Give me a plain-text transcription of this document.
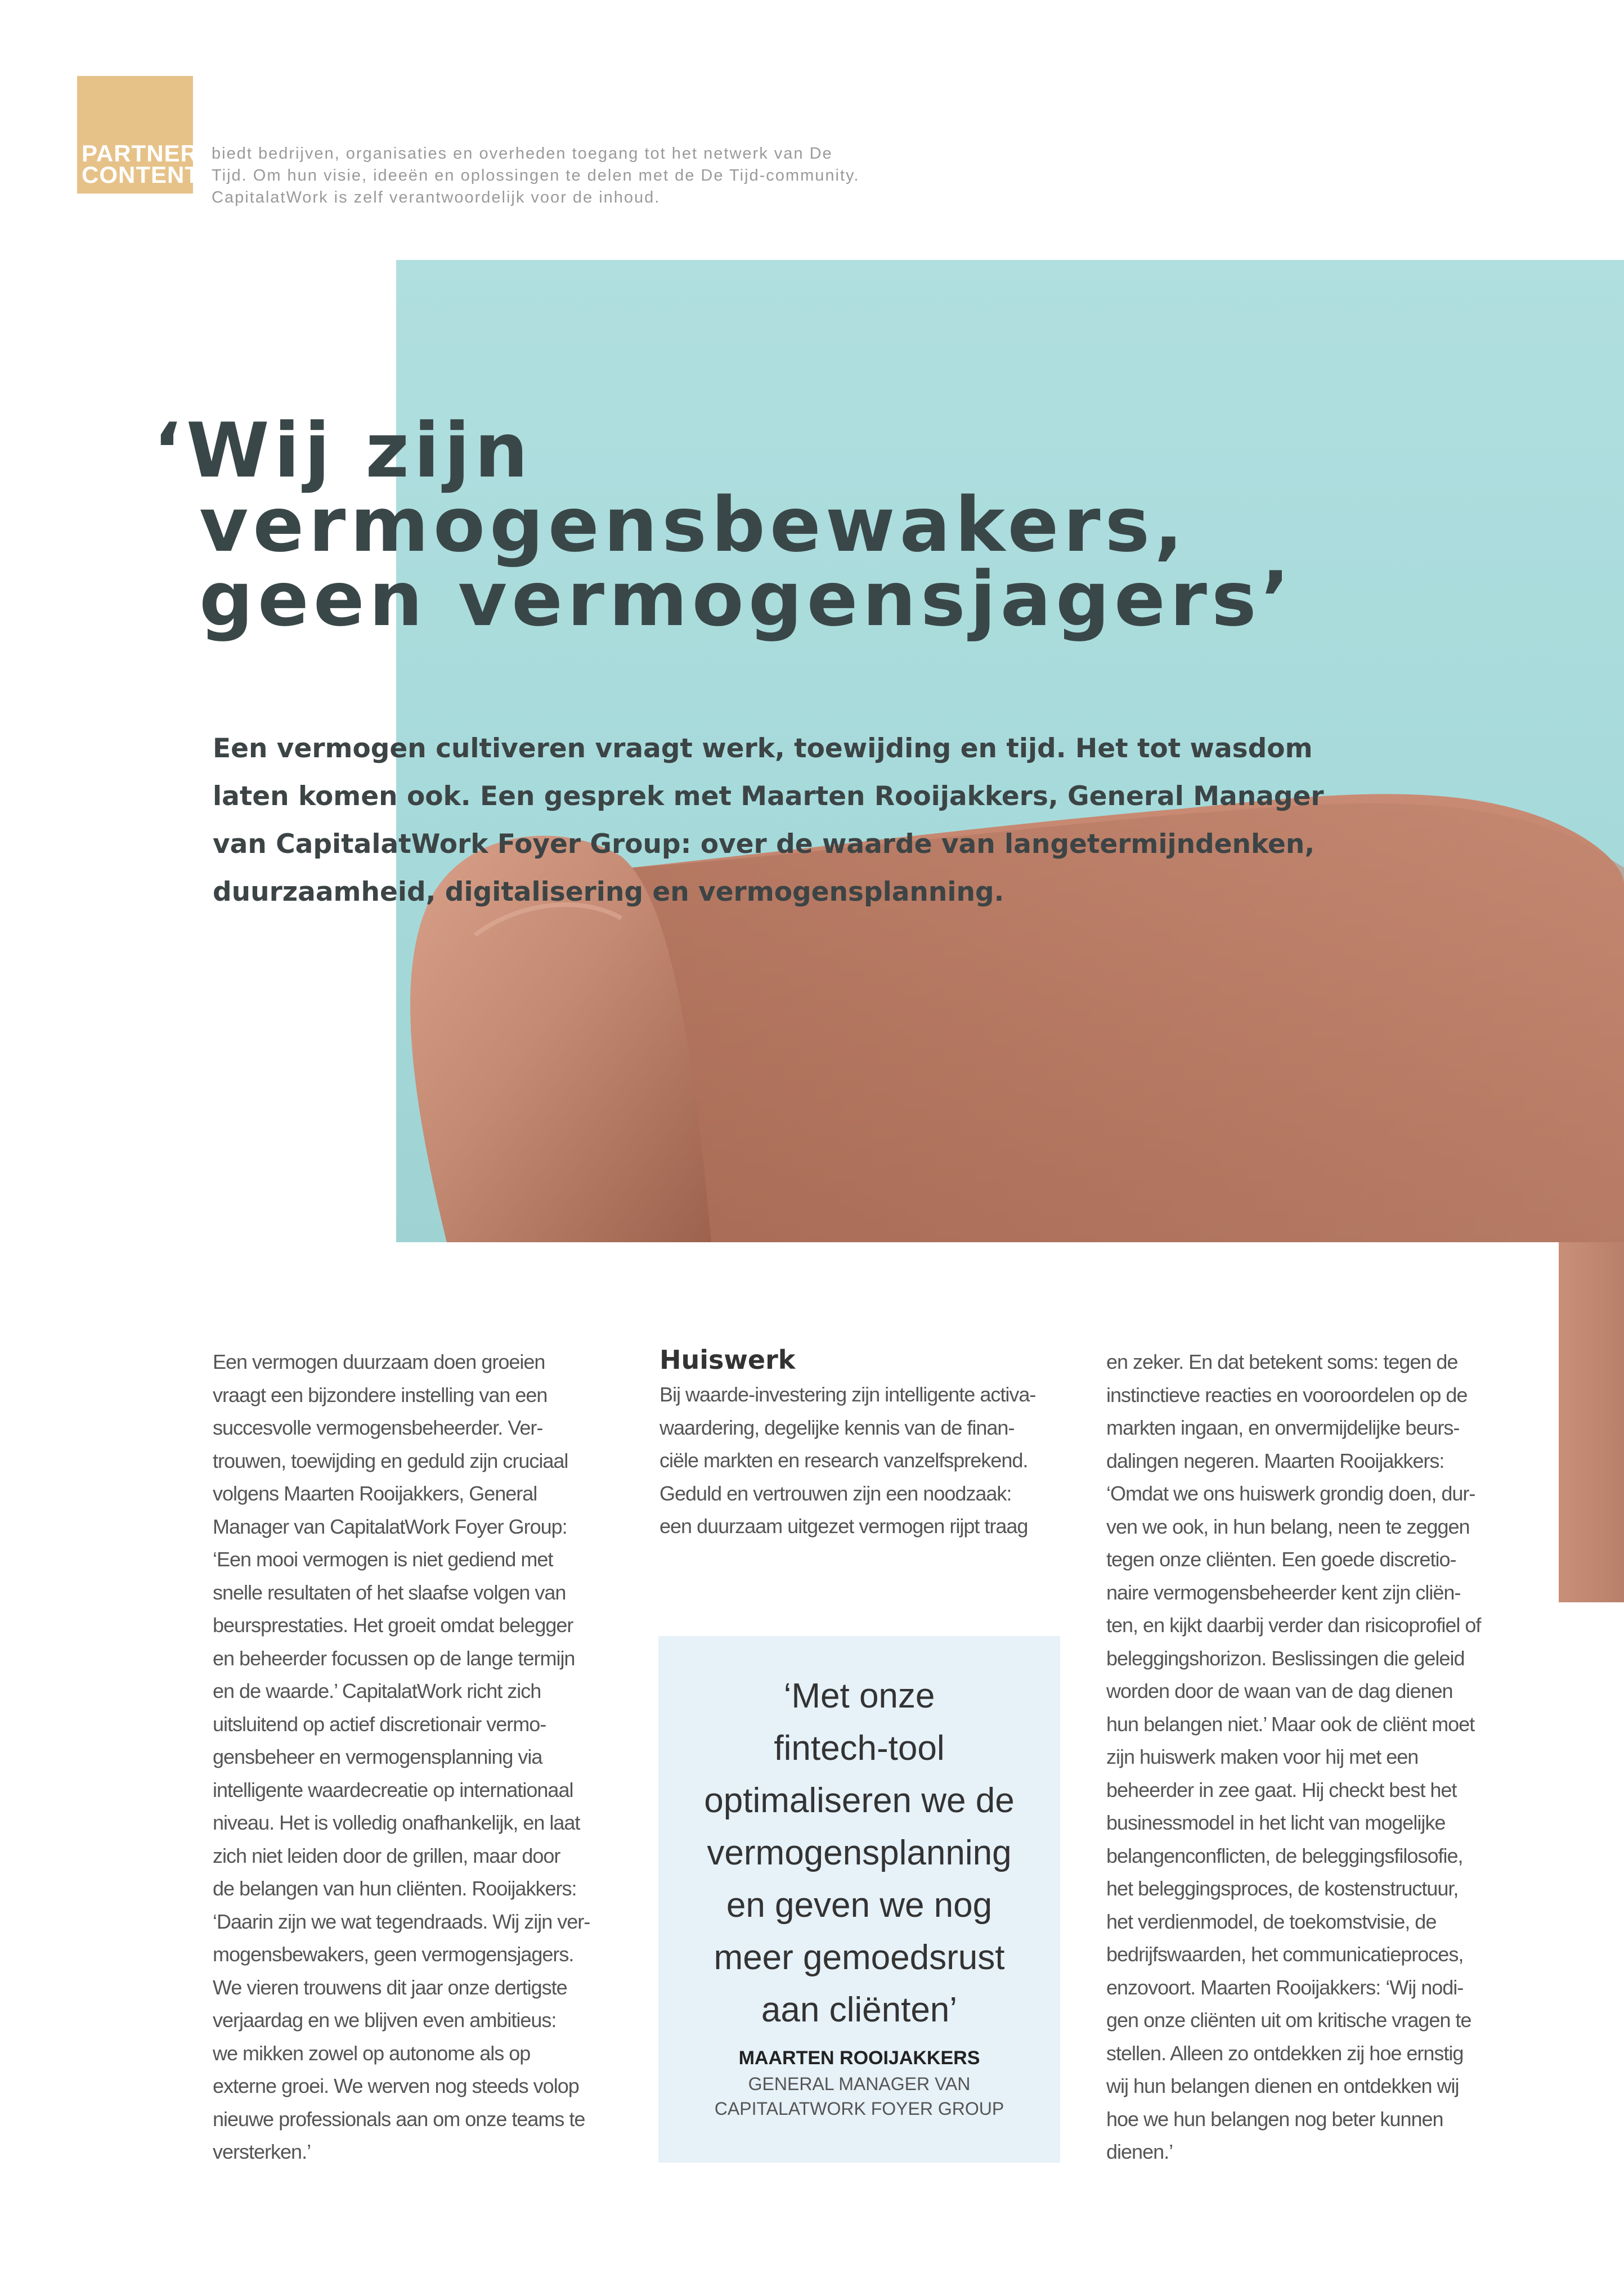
PARTNER
CONTENT
biedt bedrijven, organisaties en overheden toegang tot het netwerk van De
Tijd. Om hun visie, ideeën en oplossingen te delen met de De Tijd-community.
CapitalatWork is zelf verantwoordelijk voor de inhoud.
‘Wij zijn
vermogensbewakers,
geen vermogensjagers’
Een vermogen cultiveren vraagt werk, toewijding en tijd. Het tot wasdom
laten komen ook. Een gesprek met Maarten Rooijakkers, General Manager
van CapitalatWork Foyer Group: over de waarde van langetermijndenken,
duurzaamheid, digitalisering en vermogensplanning.
Een vermogen duurzaam doen groeien
vraagt een bijzondere instelling van een
succesvolle vermogensbeheerder. Ver-
trouwen, toewijding en geduld zijn cruciaal
volgens Maarten Rooijakkers, General
Manager van CapitalatWork Foyer Group:
‘Een mooi vermogen is niet gediend met
snelle resultaten of het slaafse volgen van
beursprestaties. Het groeit omdat belegger
en beheerder focussen op de lange termijn
en de waarde.’ CapitalatWork richt zich
uitsluitend op actief discretionair vermo-
gensbeheer en vermogensplanning via
intelligente waardecreatie op internationaal
niveau. Het is volledig onafhankelijk, en laat
zich niet leiden door de grillen, maar door
de belangen van hun cliënten. Rooijakkers:
‘Daarin zijn we wat tegendraads. Wij zijn ver-
mogensbewakers, geen vermogensjagers.
We vieren trouwens dit jaar onze dertigste
verjaardag en we blijven even ambitieus:
we mikken zowel op autonome als op
externe groei. We werven nog steeds volop
nieuwe professionals aan om onze teams te
versterken.’
Huiswerk
Bij waarde-investering zijn intelligente activa-
waardering, degelijke kennis van de finan-
ciële markten en research vanzelfsprekend.
Geduld en vertrouwen zijn een noodzaak:
een duurzaam uitgezet vermogen rijpt traag
‘Met onze
fintech-tool
optimaliseren we de
vermogensplanning
en geven we nog
meer gemoedsrust
aan cliënten’
MAARTEN ROOIJAKKERS
GENERAL MANAGER VAN
CAPITALATWORK FOYER GROUP
en zeker. En dat betekent soms: tegen de
instinctieve reacties en vooroordelen op de
markten ingaan, en onvermijdelijke beurs-
dalingen negeren. Maarten Rooijakkers:
‘Omdat we ons huiswerk grondig doen, dur-
ven we ook, in hun belang, neen te zeggen
tegen onze cliënten. Een goede discretio-
naire vermogensbeheerder kent zijn cliën-
ten, en kijkt daarbij verder dan risicoprofiel of
beleggingshorizon. Beslissingen die geleid
worden door de waan van de dag dienen
hun belangen niet.’ Maar ook de cliënt moet
zijn huiswerk maken voor hij met een
beheerder in zee gaat. Hij checkt best het
businessmodel in het licht van mogelijke
belangenconflicten, de beleggingsfilosofie,
het beleggingsproces, de kostenstructuur,
het verdienmodel, de toekomstvisie, de
bedrijfswaarden, het communicatieproces,
enzovoort. Maarten Rooijakkers: ‘Wij nodi-
gen onze cliënten uit om kritische vragen te
stellen. Alleen zo ontdekken zij hoe ernstig
wij hun belangen dienen en ontdekken wij
hoe we hun belangen nog beter kunnen
dienen.’
